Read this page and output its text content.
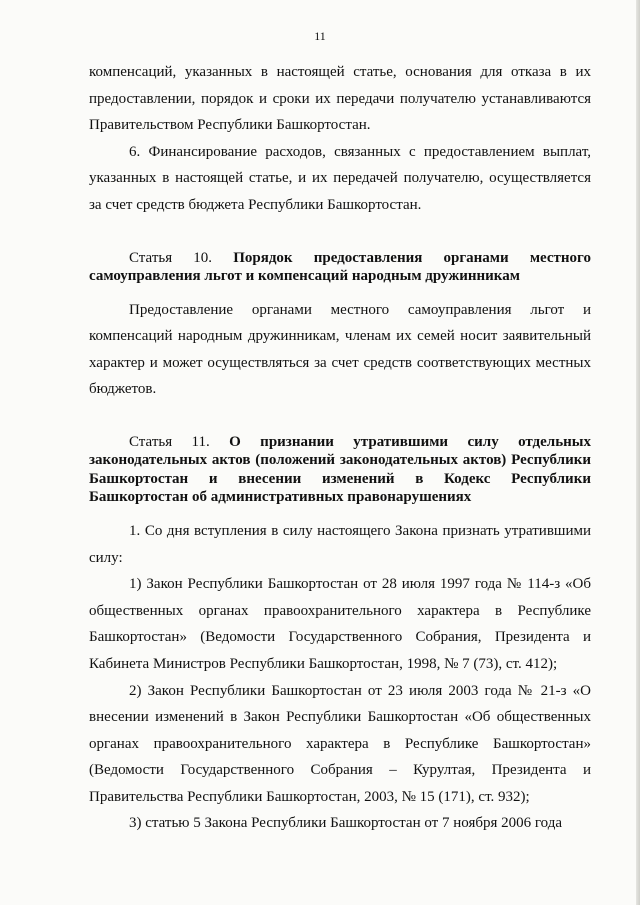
11

компенсаций, указанных в настоящей статье, основания для отказа в их предоставлении, порядок и сроки их передачи получателю устанавливаются Правительством Республики Башкортостан.

6. Финансирование расходов, связанных с предоставлением выплат, указанных в настоящей статье, и их передачей получателю, осуществляется за счет средств бюджета Республики Башкортостан.

Статья 10. Порядок предоставления органами местного самоуправления льгот и компенсаций народным дружинникам

Предоставление органами местного самоуправления льгот и компенсаций народным дружинникам, членам их семей носит заявительный характер и может осуществляться за счет средств соответствующих местных бюджетов.

Статья 11. О признании утратившими силу отдельных законодательных актов (положений законодательных актов) Республики Башкортостан и внесении изменений в Кодекс Республики Башкортостан об административных правонарушениях

1. Со дня вступления в силу настоящего Закона признать утратившими силу:

1) Закон Республики Башкортостан от 28 июля 1997 года № 114-з «Об общественных органах правоохранительного характера в Республике Башкортостан» (Ведомости Государственного Собрания, Президента и Кабинета Министров Республики Башкортостан, 1998, № 7 (73), ст. 412);

2) Закон Республики Башкортостан от 23 июля 2003 года № 21-з «О внесении изменений в Закон Республики Башкортостан «Об общественных органах правоохранительного характера в Республике Башкортостан» (Ведомости Государственного Собрания – Курултая, Президента и Правительства Республики Башкортостан, 2003, № 15 (171), ст. 932);

3) статью 5 Закона Республики Башкортостан от 7 ноября 2006 года
